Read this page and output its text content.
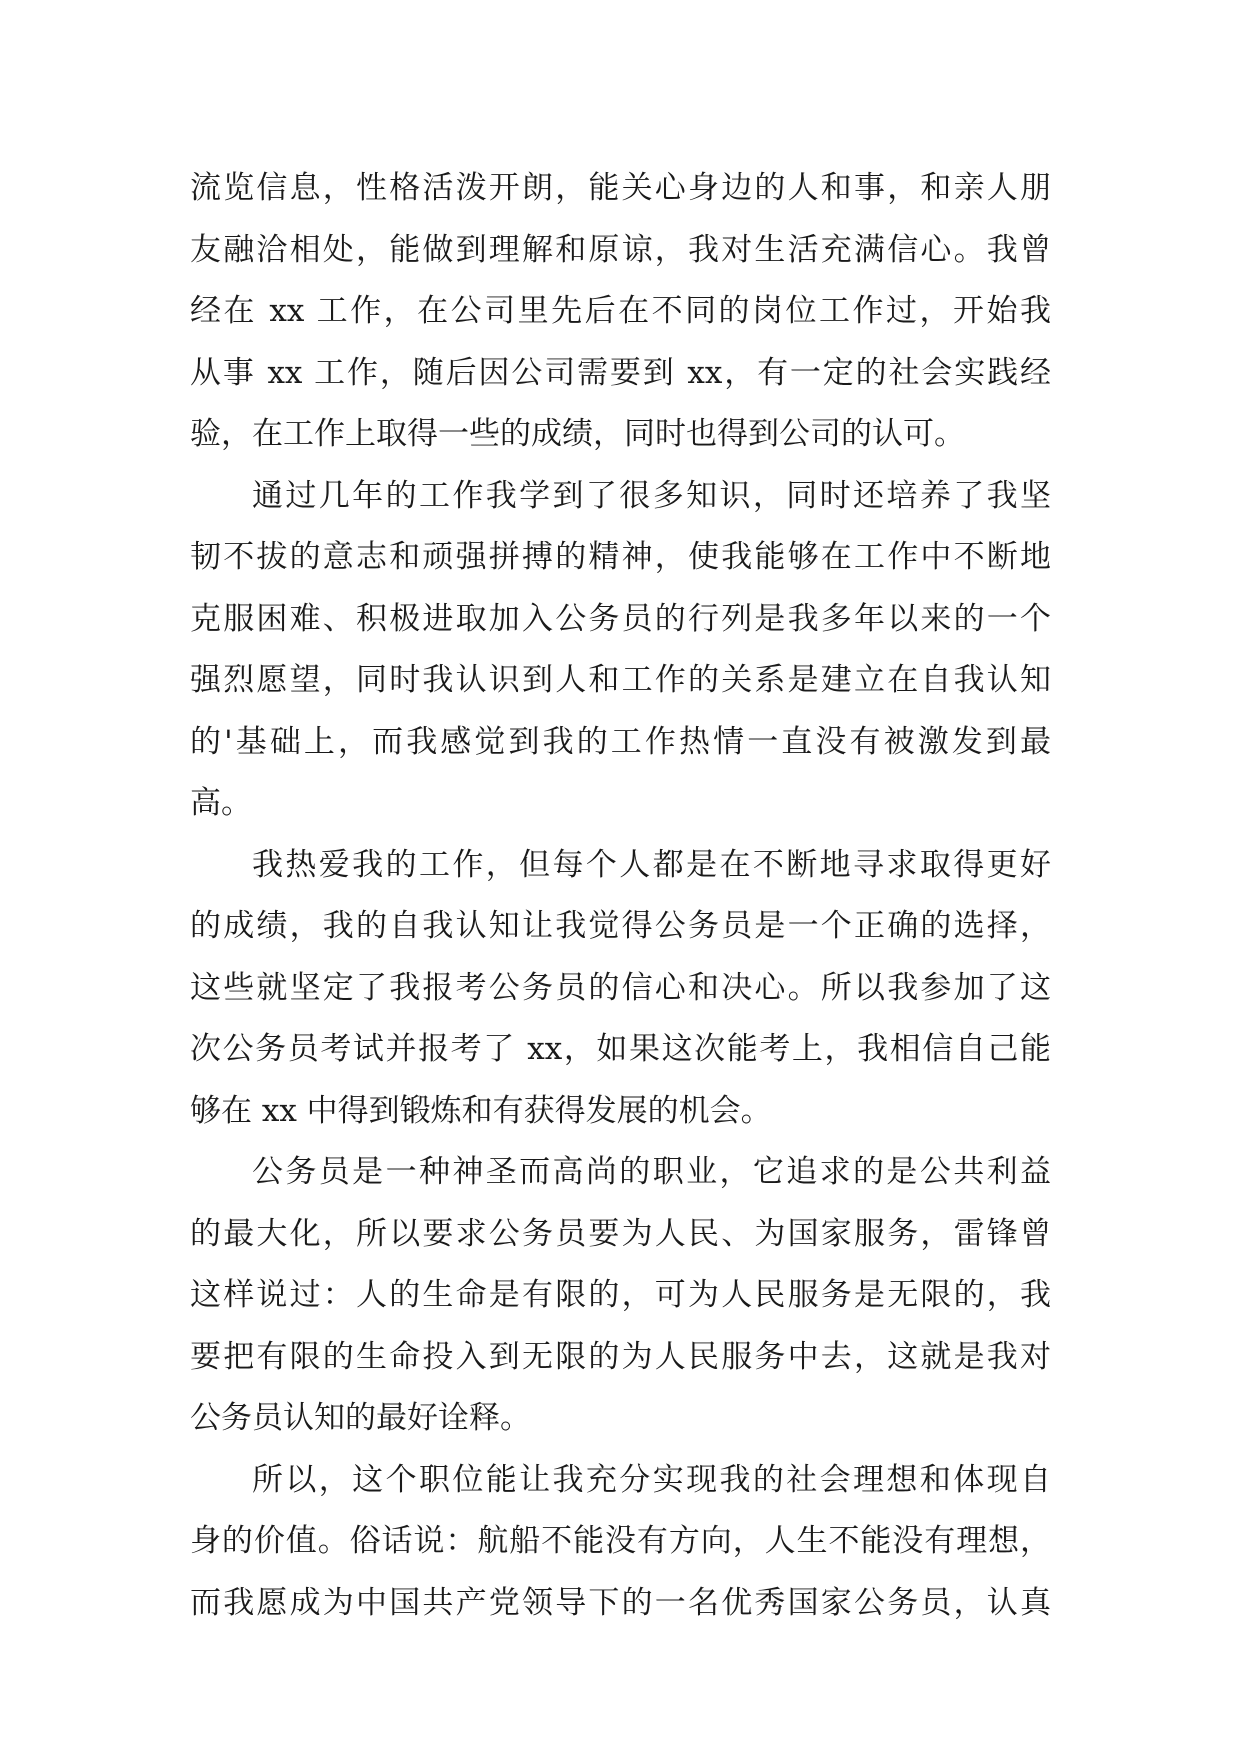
流览信息，性格活泼开朗，能关心身边的人和事，和亲人朋
友融洽相处，能做到理解和原谅，我对生活充满信心。我曾
经在 xx 工作，在公司里先后在不同的岗位工作过，开始我
从事 xx 工作，随后因公司需要到 xx，有一定的社会实践经
验，在工作上取得一些的成绩，同时也得到公司的认可。
通过几年的工作我学到了很多知识，同时还培养了我坚
韧不拔的意志和顽强拼搏的精神，使我能够在工作中不断地
克服困难、积极进取加入公务员的行列是我多年以来的一个
强烈愿望，同时我认识到人和工作的关系是建立在自我认知
的'基础上，而我感觉到我的工作热情一直没有被激发到最
高。
我热爱我的工作，但每个人都是在不断地寻求取得更好
的成绩，我的自我认知让我觉得公务员是一个正确的选择，
这些就坚定了我报考公务员的信心和决心。所以我参加了这
次公务员考试并报考了 xx，如果这次能考上，我相信自己能
够在 xx 中得到锻炼和有获得发展的机会。
公务员是一种神圣而高尚的职业，它追求的是公共利益
的最大化，所以要求公务员要为人民、为国家服务，雷锋曾
这样说过：人的生命是有限的，可为人民服务是无限的，我
要把有限的生命投入到无限的为人民服务中去，这就是我对
公务员认知的最好诠释。
所以，这个职位能让我充分实现我的社会理想和体现自
身的价值。俗话说：航船不能没有方向，人生不能没有理想，
而我愿成为中国共产党领导下的一名优秀国家公务员，认真
